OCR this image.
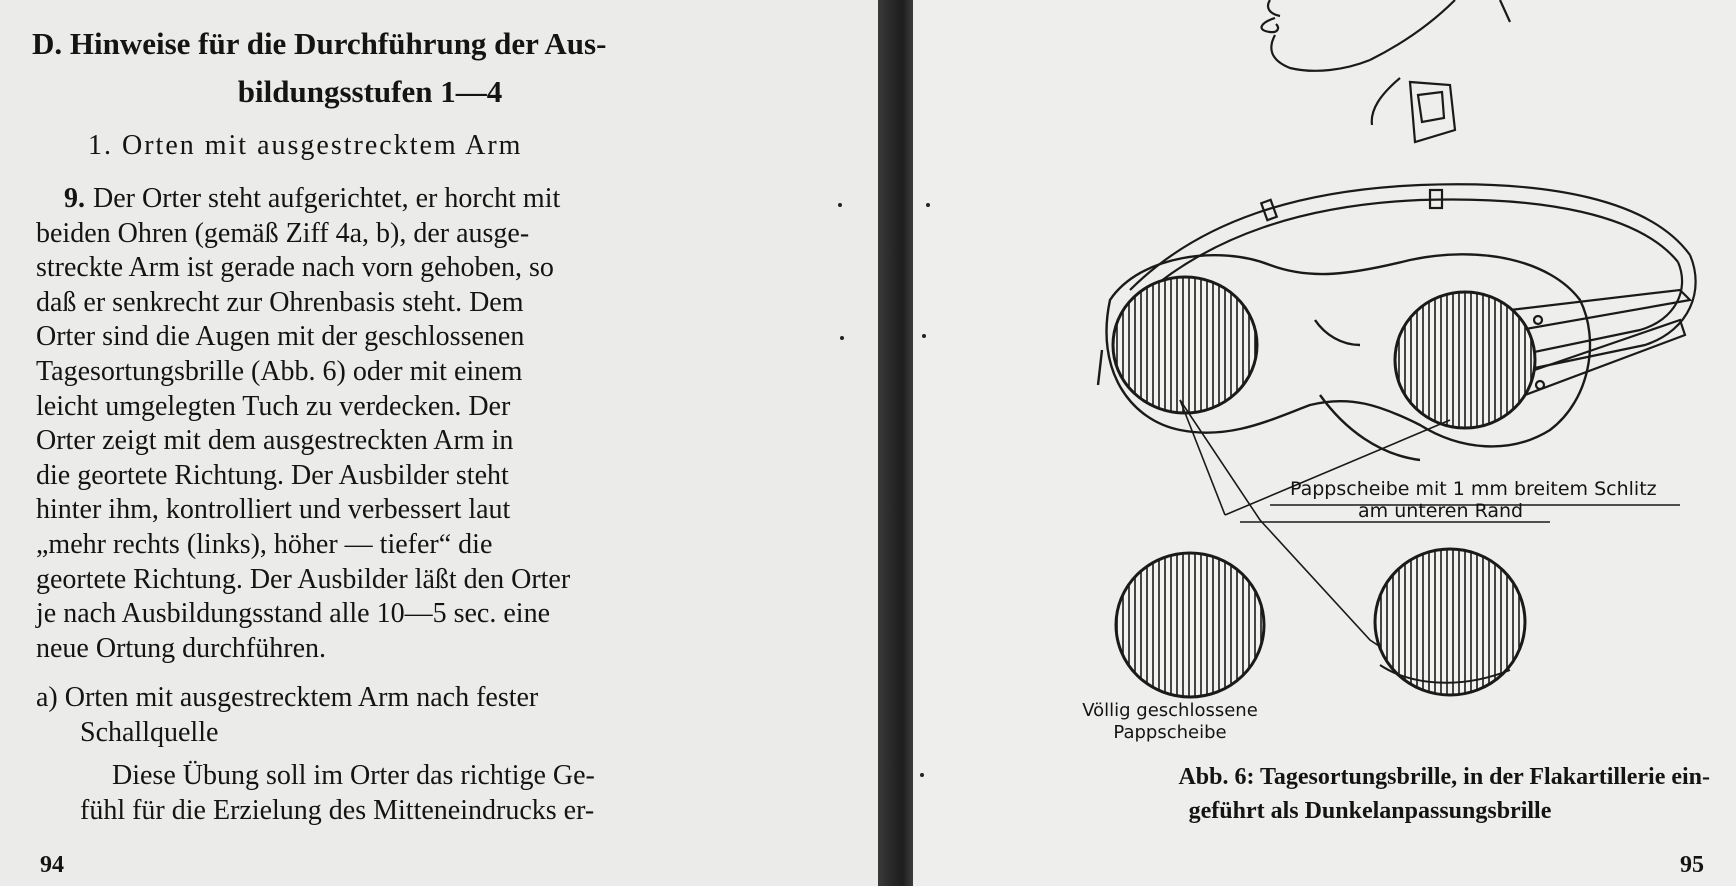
D. Hinweise für die Durchführung der Aus-
bildungsstufen 1—4
1. Orten mit ausgestrecktem Arm
9. Der Orter steht aufgerichtet, er horcht mit
beiden Ohren (gemäß Ziff 4a, b), der ausge-
streckte Arm ist gerade nach vorn gehoben, so
daß er senkrecht zur Ohrenbasis steht. Dem
Orter sind die Augen mit der geschlossenen
Tagesortungsbrille (Abb. 6) oder mit einem
leicht umgelegten Tuch zu verdecken. Der
Orter zeigt mit dem ausgestreckten Arm in
die geortete Richtung. Der Ausbilder steht
hinter ihm, kontrolliert und verbessert laut
„mehr rechts (links), höher — tiefer“ die
geortete Richtung. Der Ausbilder läßt den Orter
je nach Ausbildungsstand alle 10—5 sec. eine
neue Ortung durchführen.
a) Orten mit ausgestrecktem Arm nach fester
Schallquelle
Diese Übung soll im Orter das richtige Ge-
fühl für die Erzielung des Mitteneindrucks er-
94
Pappscheibe mit 1 mm breitem Schlitz
am unteren Rand
Völlig geschlossene
Pappscheibe
Abb. 6: Tagesortungsbrille, in der Flakartillerie ein-
geführt als Dunkelanpassungsbrille
95
